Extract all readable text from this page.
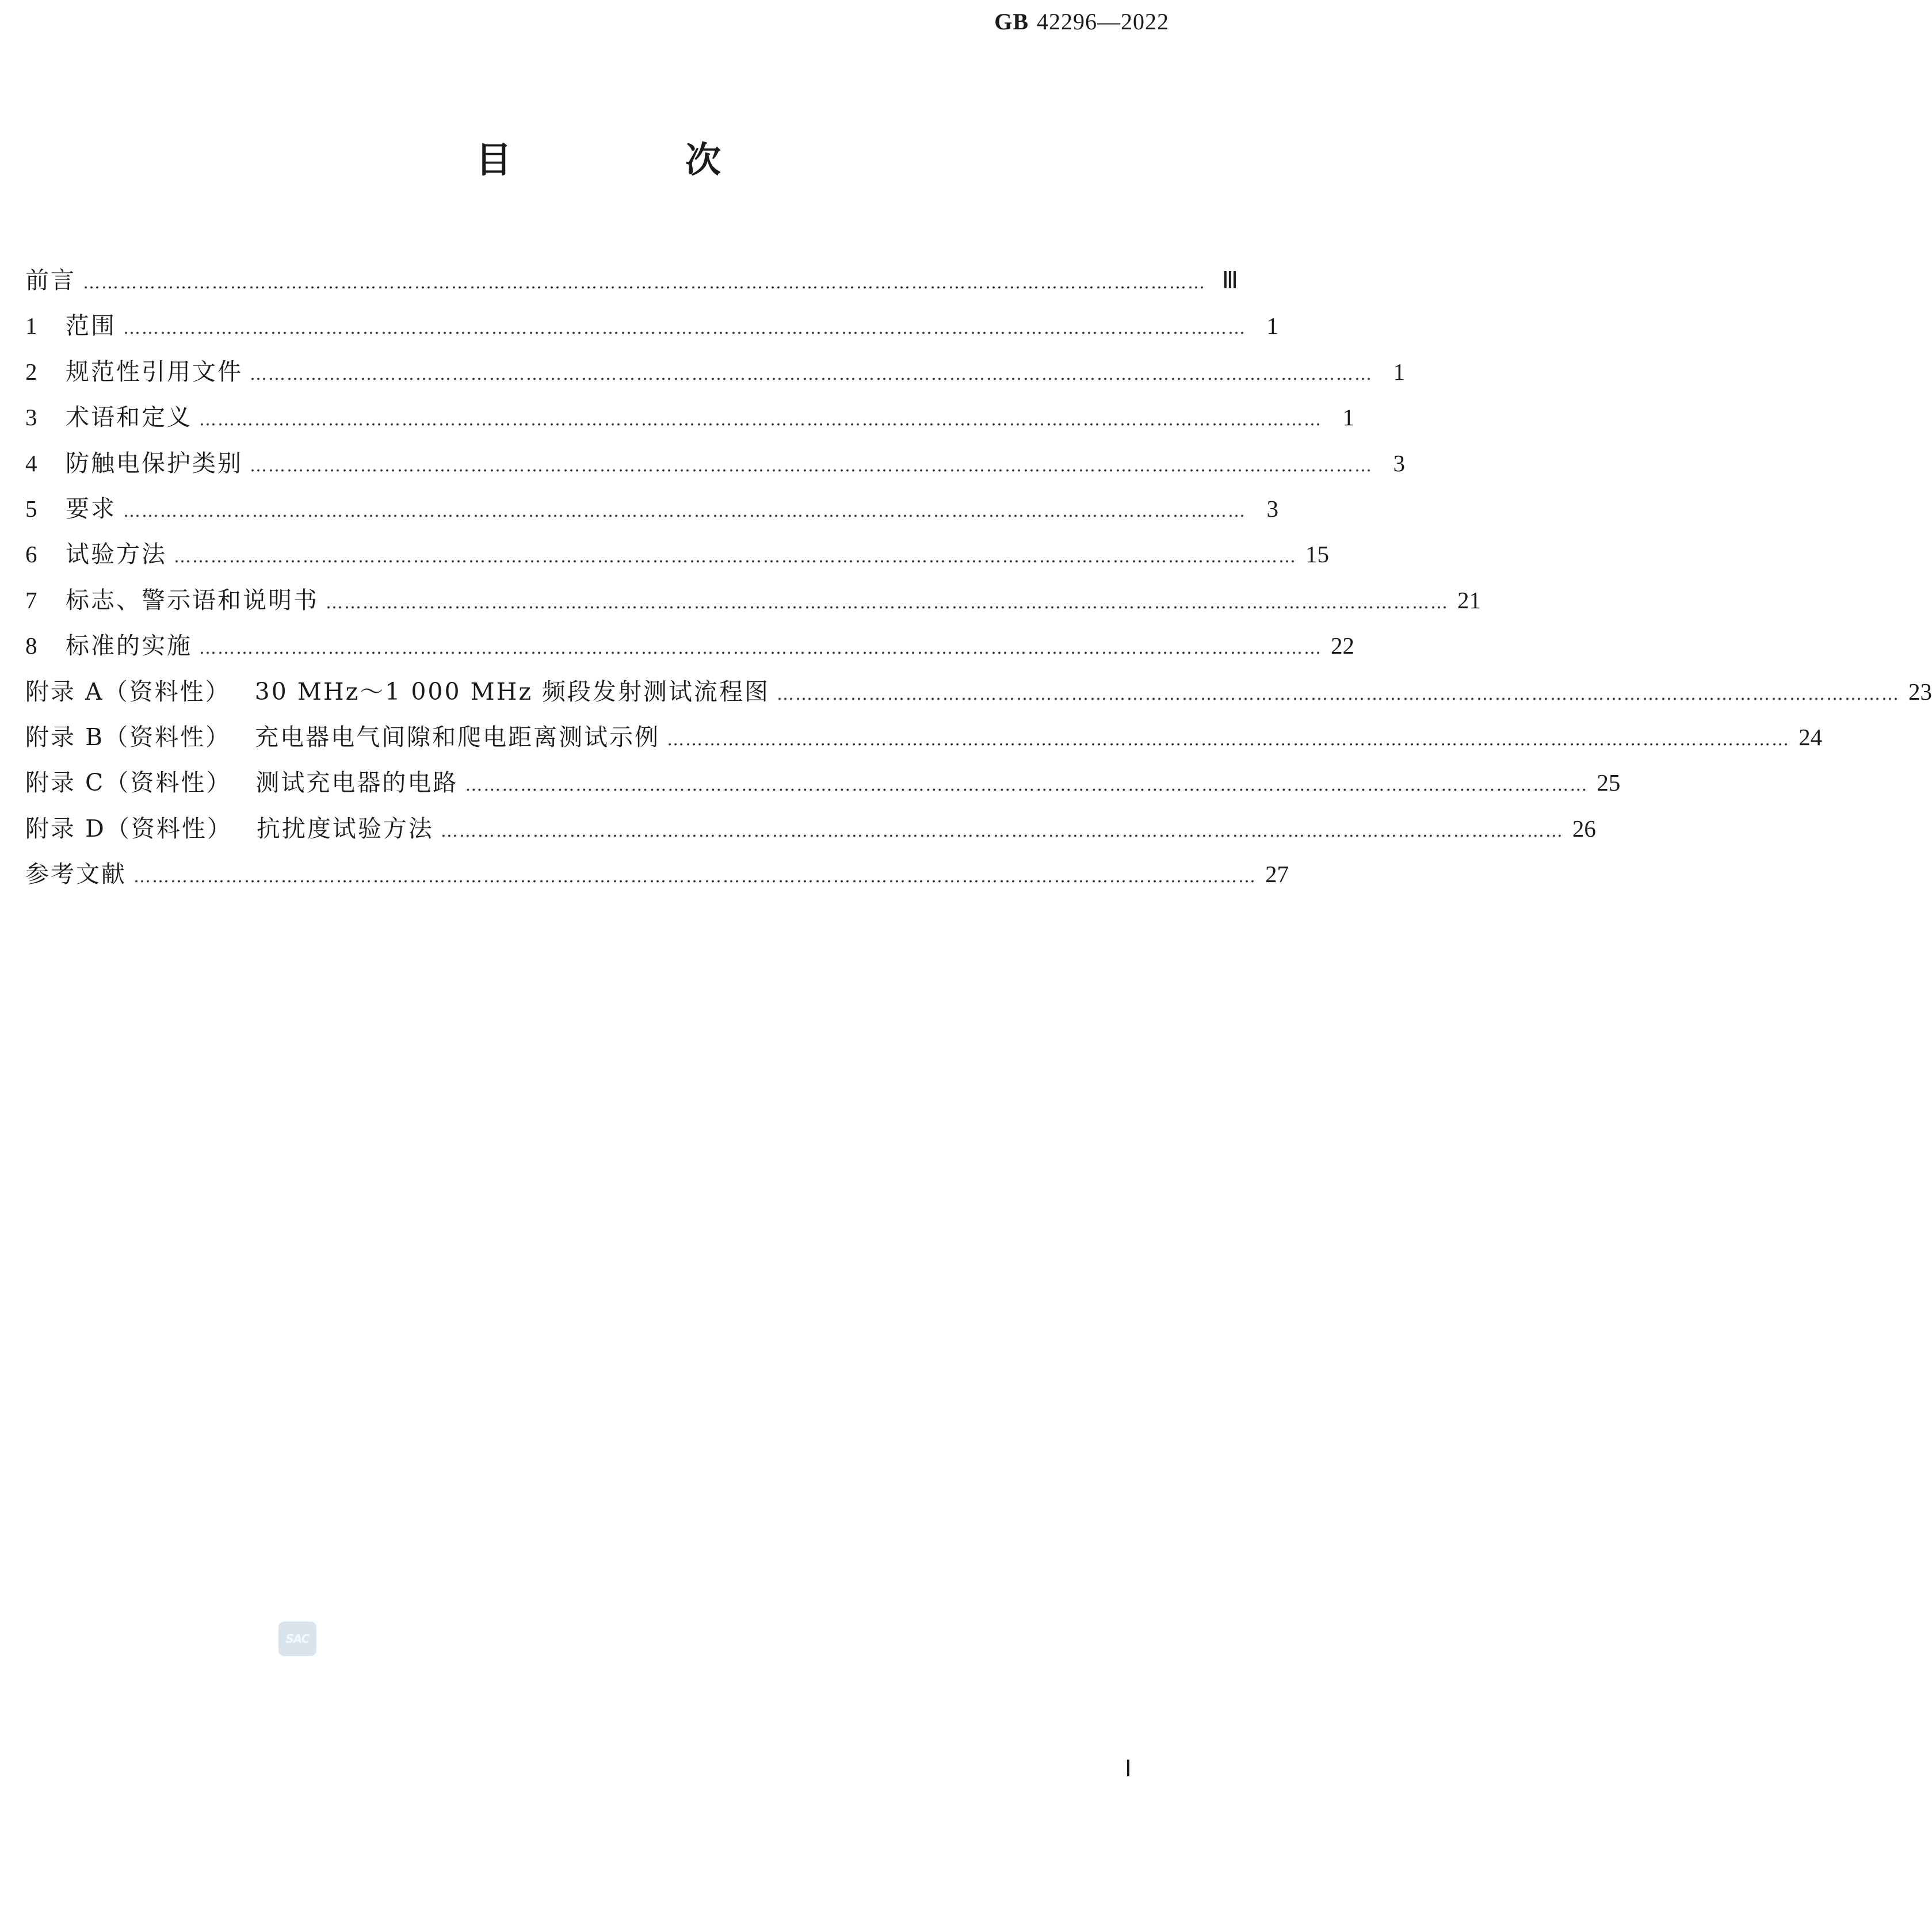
GB 42296—2022
目　次
前言 ………………………………………………………………………………………………………………………………………………………………… Ⅲ
1	范围 ………………………………………………………………………………………………………………………………………………………………… 1
2	规范性引用文件 ………………………………………………………………………………………………………………………………………………………………… 1
3	术语和定义 ………………………………………………………………………………………………………………………………………………………………… 1
4	防触电保护类别 ………………………………………………………………………………………………………………………………………………………………… 3
5	要求 ………………………………………………………………………………………………………………………………………………………………… 3
6	试验方法 ………………………………………………………………………………………………………………………………………………………………… 15
7	标志、警示语和说明书 ………………………………………………………………………………………………………………………………………………………………… 21
8	标准的实施 ………………………………………………………………………………………………………………………………………………………………… 22
附录 A（资料性） 30 MHz～1 000 MHz 频段发射测试流程图 ………………………………………………………………………………………………………………………………………………………………… 23
附录 B（资料性） 充电器电气间隙和爬电距离测试示例 ………………………………………………………………………………………………………………………………………………………………… 24
附录 C（资料性） 测试充电器的电路 ………………………………………………………………………………………………………………………………………………………………… 25
附录 D（资料性） 抗扰度试验方法 ………………………………………………………………………………………………………………………………………………………………… 26
参考文献 ………………………………………………………………………………………………………………………………………………………………… 27
SAC
Ⅰ
